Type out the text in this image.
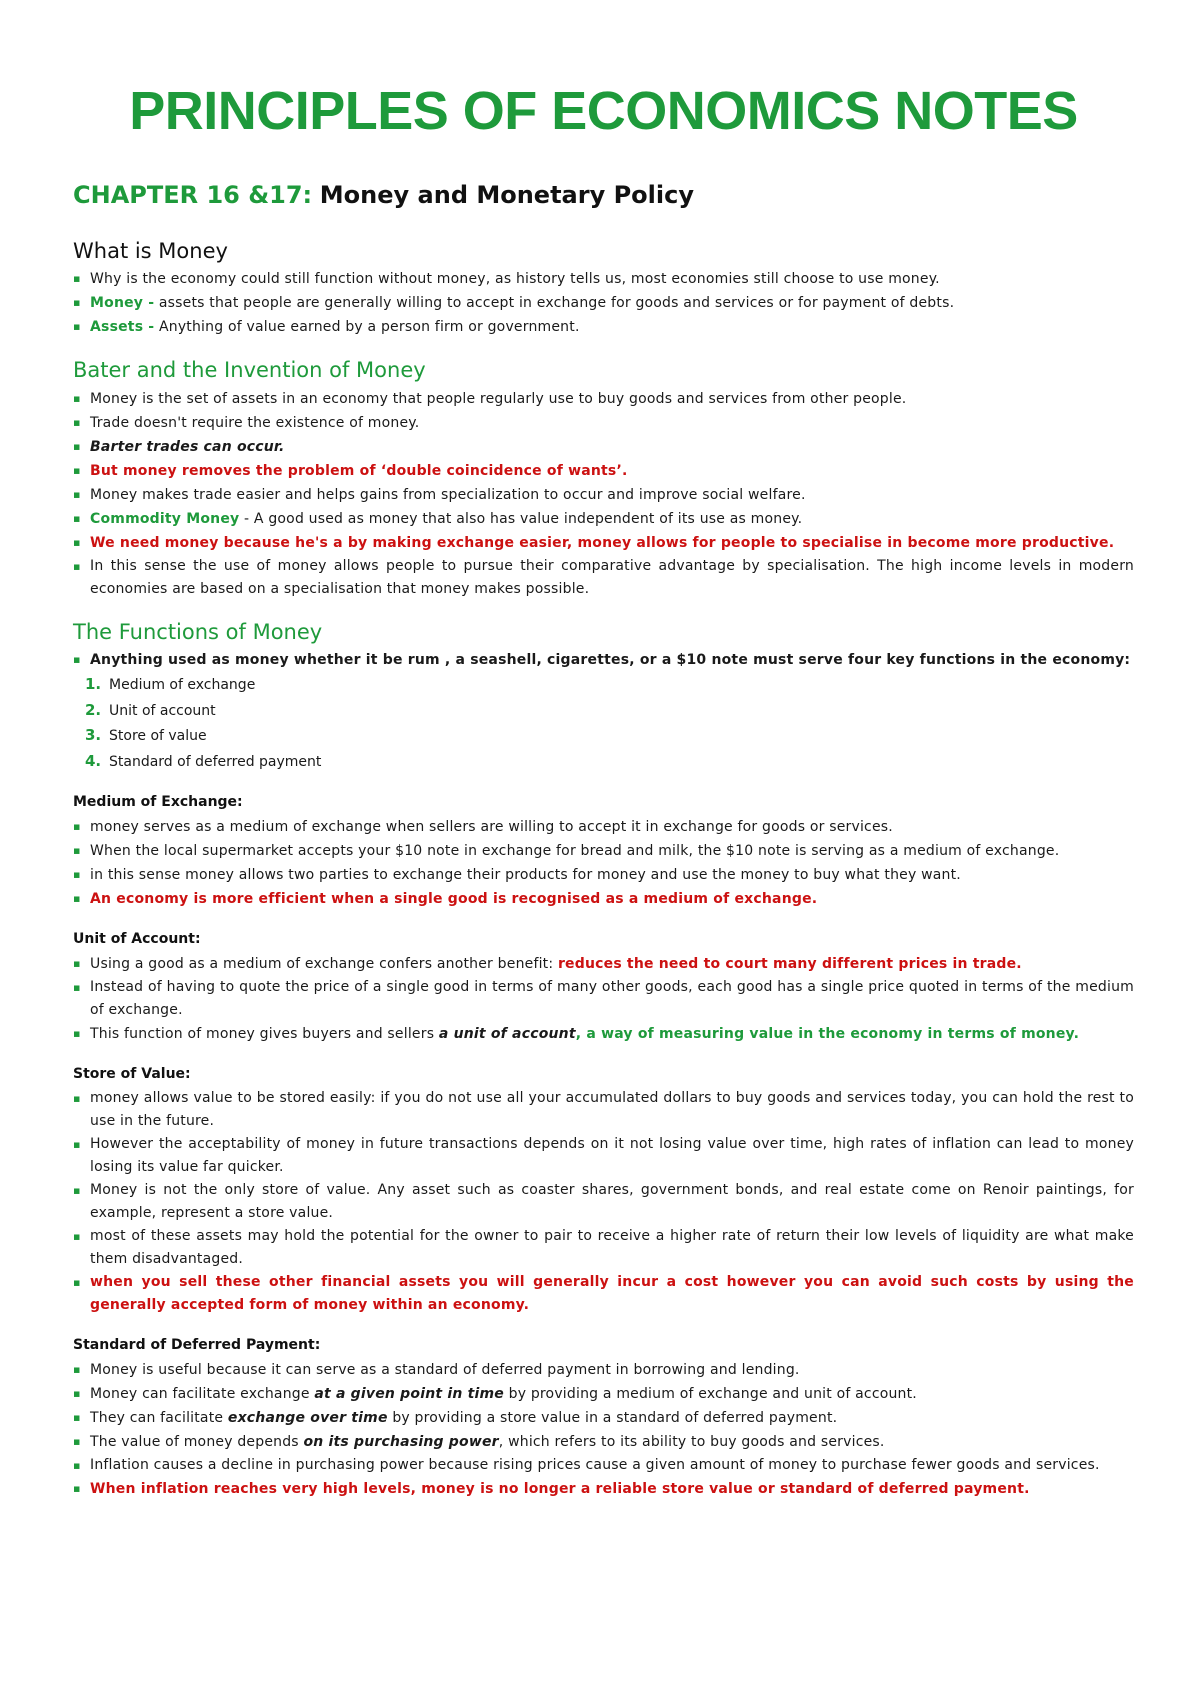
PRINCIPLES OF ECONOMICS NOTES
CHAPTER 16 &17: Money and Monetary Policy
What is Money
▪ Why is the economy could still function without money, as history tells us, most economies still choose to use money.
▪ Money - assets that people are generally willing to accept in exchange for goods and services or for payment of debts.
▪ Assets - Anything of value earned by a person firm or government.
Bater and the Invention of Money
▪ Money is the set of assets in an economy that people regularly use to buy goods and services from other people.
▪ Trade doesn't require the existence of money.
▪ Barter trades can occur.
▪ But money removes the problem of ‘double coincidence of wants’.
▪ Money makes trade easier and helps gains from specialization to occur and improve social welfare.
▪ Commodity Money - A good used as money that also has value independent of its use as money.
▪ We need money because he's a by making exchange easier, money allows for people to specialise in become more productive.
▪ In this sense the use of money allows people to pursue their comparative advantage by specialisation. The high income levels in modern economies are based on a specialisation that money makes possible.
The Functions of Money
▪ Anything used as money whether it be rum , a seashell, cigarettes, or a $10 note must serve four key functions in the economy:
1. Medium of exchange
2. Unit of account
3. Store of value
4. Standard of deferred payment
Medium of Exchange:
▪ money serves as a medium of exchange when sellers are willing to accept it in exchange for goods or services.
▪ When the local supermarket accepts your $10 note in exchange for bread and milk, the $10 note is serving as a medium of exchange.
▪ in this sense money allows two parties to exchange their products for money and use the money to buy what they want.
▪ An economy is more efficient when a single good is recognised as a medium of exchange.
Unit of Account:
▪ Using a good as a medium of exchange confers another benefit: reduces the need to court many different prices in trade.
▪ Instead of having to quote the price of a single good in terms of many other goods, each good has a single price quoted in terms of the medium of exchange.
▪ This function of money gives buyers and sellers a unit of account, a way of measuring value in the economy in terms of money.
Store of Value:
▪ money allows value to be stored easily: if you do not use all your accumulated dollars to buy goods and services today, you can hold the rest to use in the future.
▪ However the acceptability of money in future transactions depends on it not losing value over time, high rates of inflation can lead to money losing its value far quicker.
▪ Money is not the only store of value. Any asset such as coaster shares, government bonds, and real estate come on Renoir paintings, for example, represent a store value.
▪ most of these assets may hold the potential for the owner to pair to receive a higher rate of return their low levels of liquidity are what make them disadvantaged.
▪ when you sell these other financial assets you will generally incur a cost however you can avoid such costs by using the generally accepted form of money within an economy.
Standard of Deferred Payment:
▪ Money is useful because it can serve as a standard of deferred payment in borrowing and lending.
▪ Money can facilitate exchange at a given point in time by providing a medium of exchange and unit of account.
▪ They can facilitate exchange over time by providing a store value in a standard of deferred payment.
▪ The value of money depends on its purchasing power, which refers to its ability to buy goods and services.
▪ Inflation causes a decline in purchasing power because rising prices cause a given amount of money to purchase fewer goods and services.
▪ When inflation reaches very high levels, money is no longer a reliable store value or standard of deferred payment.
